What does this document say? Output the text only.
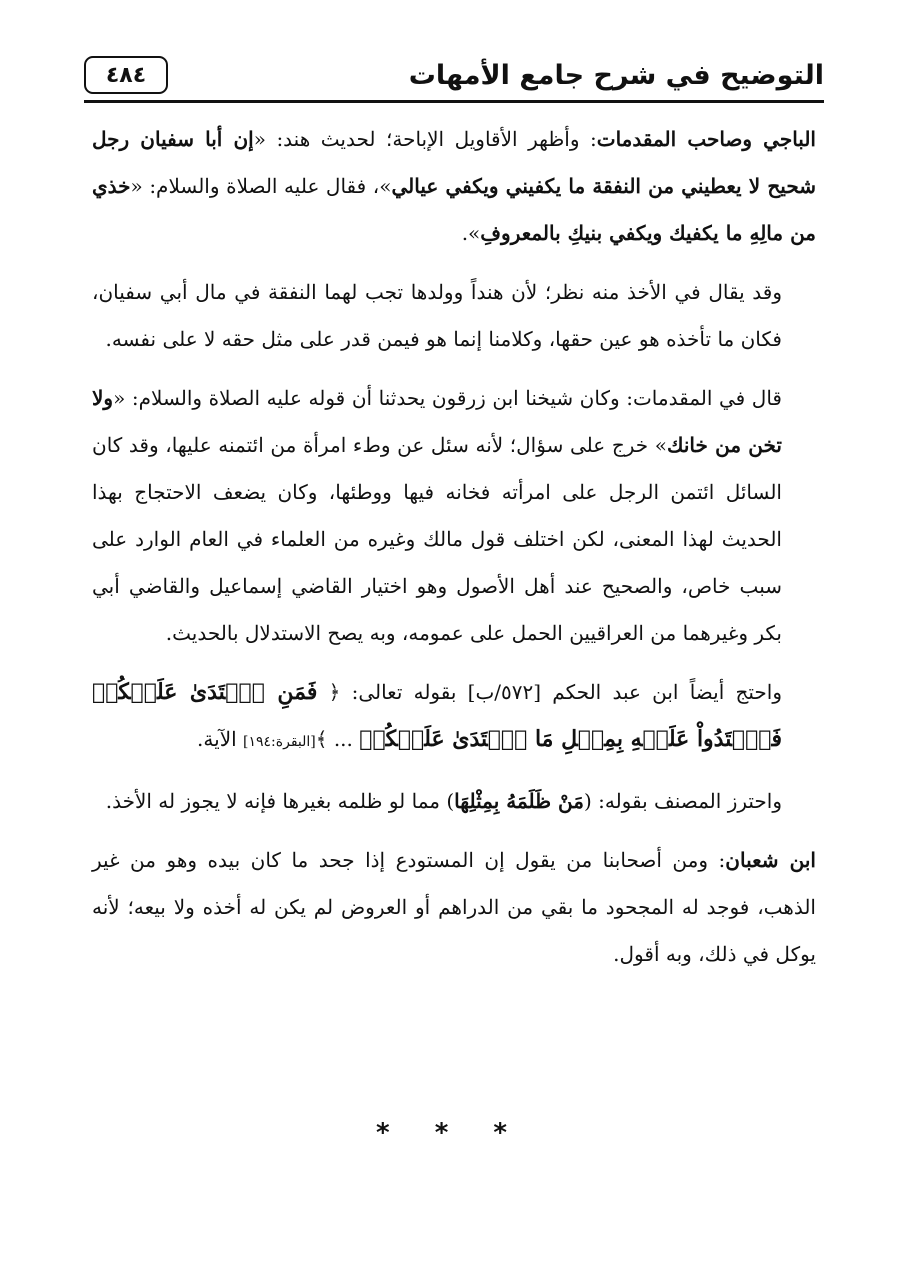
٤٨٤	التوضيح في شرح جامع الأمهات

الباجي وصاحب المقدمات: وأظهر الأقاويل الإباحة؛ لحديث هند: «إن أبا سفيان رجل شحيح لا يعطيني من النفقة ما يكفيني ويكفي عيالي»، فقال عليه الصلاة والسلام: «خذي من مالِهِ ما يكفيك ويكفي بنيكِ بالمعروفِ».

وقد يقال في الأخذ منه نظر؛ لأن هنداً وولدها تجب لهما النفقة في مال أبي سفيان، فكان ما تأخذه هو عين حقها، وكلامنا إنما هو فيمن قدر على مثل حقه لا على نفسه.

قال في المقدمات: وكان شيخنا ابن زرقون يحدثنا أن قوله عليه الصلاة والسلام: «ولا تخن من خانك» خرج على سؤال؛ لأنه سئل عن وطء امرأة من ائتمنه عليها، وقد كان السائل ائتمن الرجل على امرأته فخانه فيها ووطئها، وكان يضعف الاحتجاج بهذا الحديث لهذا المعنى، لكن اختلف قول مالك وغيره من العلماء في العام الوارد على سبب خاص، والصحيح عند أهل الأصول وهو اختيار القاضي إسماعيل والقاضي أبي بكر وغيرهما من العراقيين الحمل على عمومه، وبه يصح الاستدلال بالحديث.

واحتج أيضاً ابن عبد الحكم [٥٧٢/ب] بقوله تعالى: ﴿ فَمَنِ ٱعۡتَدَىٰ عَلَيۡكُمۡ فَٱعۡتَدُواْ عَلَيۡهِ بِمِثۡلِ مَا ٱعۡتَدَىٰ عَلَيۡكُمۡ ... ﴾[البقرة:١٩٤] الآية.

واحترز المصنف بقوله: (مَنْ ظَلَمَهُ بِمِثْلِهَا) مما لو ظلمه بغيرها فإنه لا يجوز له الأخذ.

ابن شعبان: ومن أصحابنا من يقول إن المستودع إذا جحد ما كان بيده وهو من غير الذهب، فوجد له المجحود ما بقي من الدراهم أو العروض لم يكن له أخذه ولا بيعه؛ لأنه يوكل في ذلك، وبه أقول.

* * *
